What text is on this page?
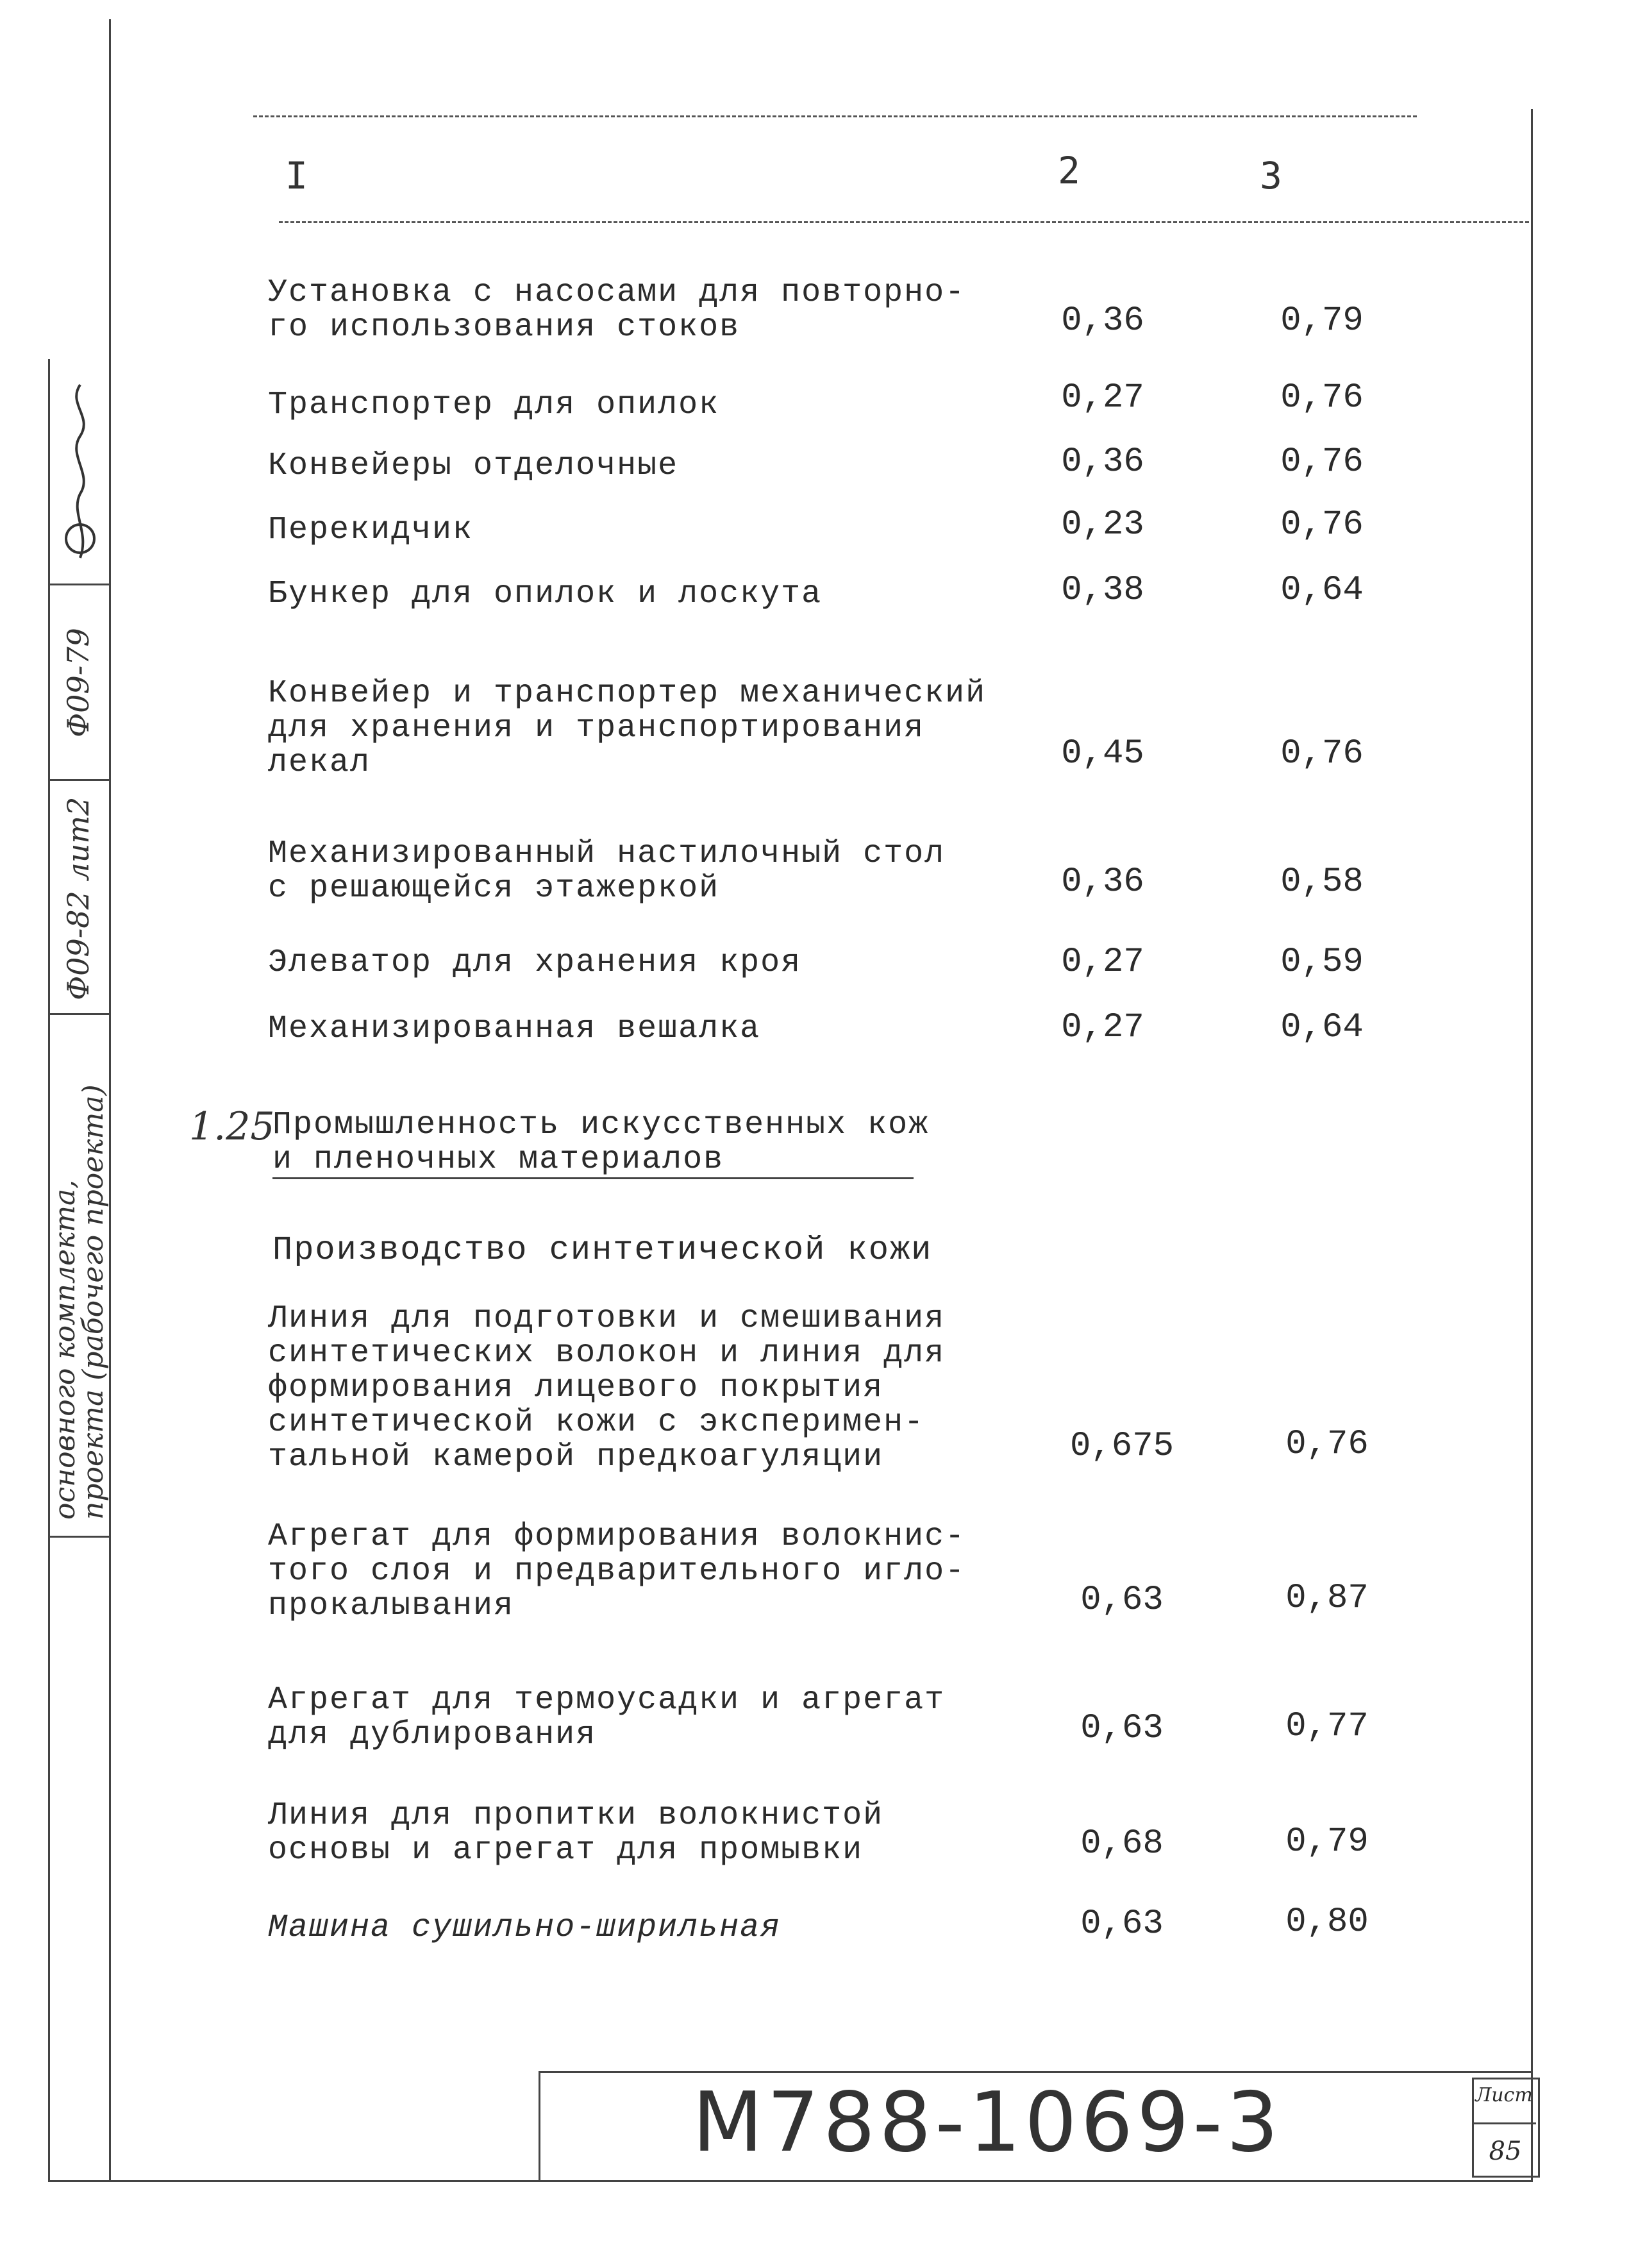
I	2	3
Установка с насосами для повторно-
го использования стоков	0,36	0,79
Транспортер для опилок	0,27	0,76
Конвейеры отделочные	0,36	0,76
Перекидчик	0,23	0,76
Бункер для опилок и лоскута	0,38	0,64
Конвейер и транспортер механический
для хранения и транспортирования
лекал	0,45	0,76
Механизированный настилочный стол
с решающейся этажеркой	0,36	0,58
Элеватор для хранения кроя	0,27	0,59
Механизированная вешалка	0,27	0,64
1.25
Промышленность искусственных кож
и пленочных материалов
Производство синтетической кожи
Линия для подготовки и смешивания
синтетических волокон и линия для
формирования лицевого покрытия
синтетической кожи с эксперимен-
тальной камерой предкоагуляции	0,675	0,76
Агрегат для формирования волокнис-
того слоя и предварительного игло-
прокалывания	0,63	0,87
Агрегат для термоусадки и агрегат
для дублирования	0,63	0,77
Линия для пропитки волокнистой
основы и агрегат для промывки	0,68	0,79
Машина сушильно-ширильная	0,63	0,80
основного комплекта,
проекта (рабочего проекта)
Ф09-82 лит2
Ф09-79
М788-1069-3	Лист
85
